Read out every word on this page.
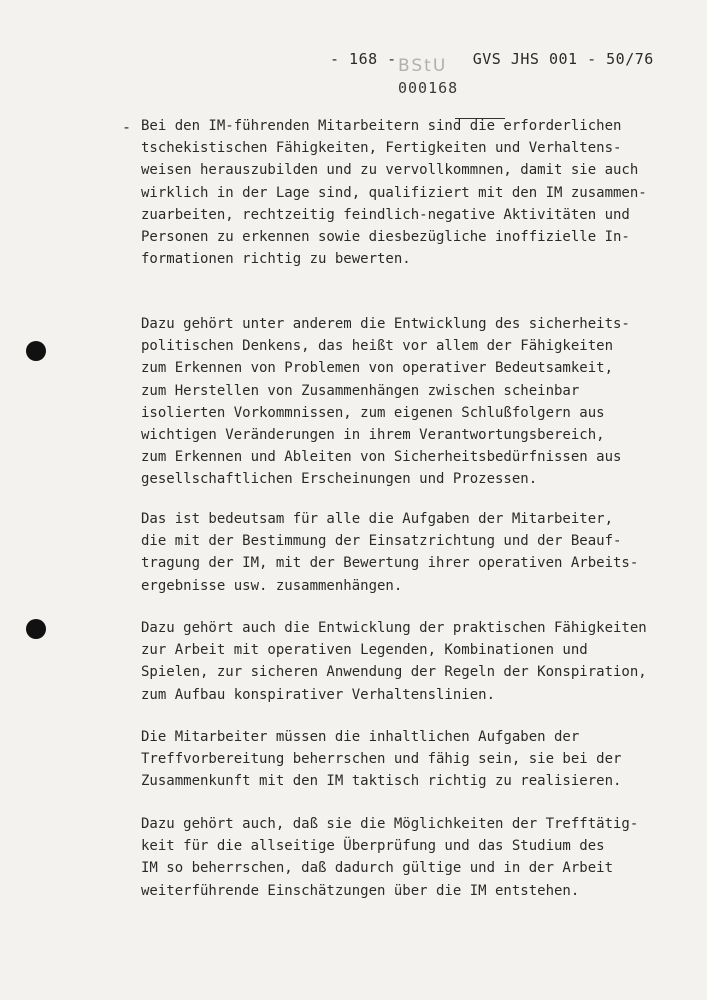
- 168 -	GVS JHS 001 - 50/76
BStU
000168
- Bei den IM-führenden Mitarbeitern sind die erforderlichen
tschekistischen Fähigkeiten, Fertigkeiten und Verhaltens-
weisen herauszubilden und zu vervollkommnen, damit sie auch
wirklich in der Lage sind, qualifiziert mit den IM zusammen-
zuarbeiten, rechtzeitig feindlich-negative Aktivitäten und
Personen zu erkennen sowie diesbezügliche inoffizielle In-
formationen richtig zu bewerten.
Dazu gehört unter anderem die Entwicklung des sicherheits-
politischen Denkens, das heißt vor allem der Fähigkeiten
zum Erkennen von Problemen von operativer Bedeutsamkeit,
zum Herstellen von Zusammenhängen zwischen scheinbar
isolierten Vorkommnissen, zum eigenen Schlußfolgern aus
wichtigen Veränderungen in ihrem Verantwortungsbereich,
zum Erkennen und Ableiten von Sicherheitsbedürfnissen aus
gesellschaftlichen Erscheinungen und Prozessen.
Das ist bedeutsam für alle die Aufgaben der Mitarbeiter,
die mit der Bestimmung der Einsatzrichtung und der Beauf-
tragung der IM, mit der Bewertung ihrer operativen Arbeits-
ergebnisse usw. zusammenhängen.
Dazu gehört auch die Entwicklung der praktischen Fähigkeiten
zur Arbeit mit operativen Legenden, Kombinationen und
Spielen, zur sicheren Anwendung der Regeln der Konspiration,
zum Aufbau konspirativer Verhaltenslinien.
Die Mitarbeiter müssen die inhaltlichen Aufgaben der
Treffvorbereitung beherrschen und fähig sein, sie bei der
Zusammenkunft mit den IM taktisch richtig zu realisieren.
Dazu gehört auch, daß sie die Möglichkeiten der Trefftätig-
keit für die allseitige Überprüfung und das Studium des
IM so beherrschen, daß dadurch gültige und in der Arbeit
weiterführende Einschätzungen über die IM entstehen.
